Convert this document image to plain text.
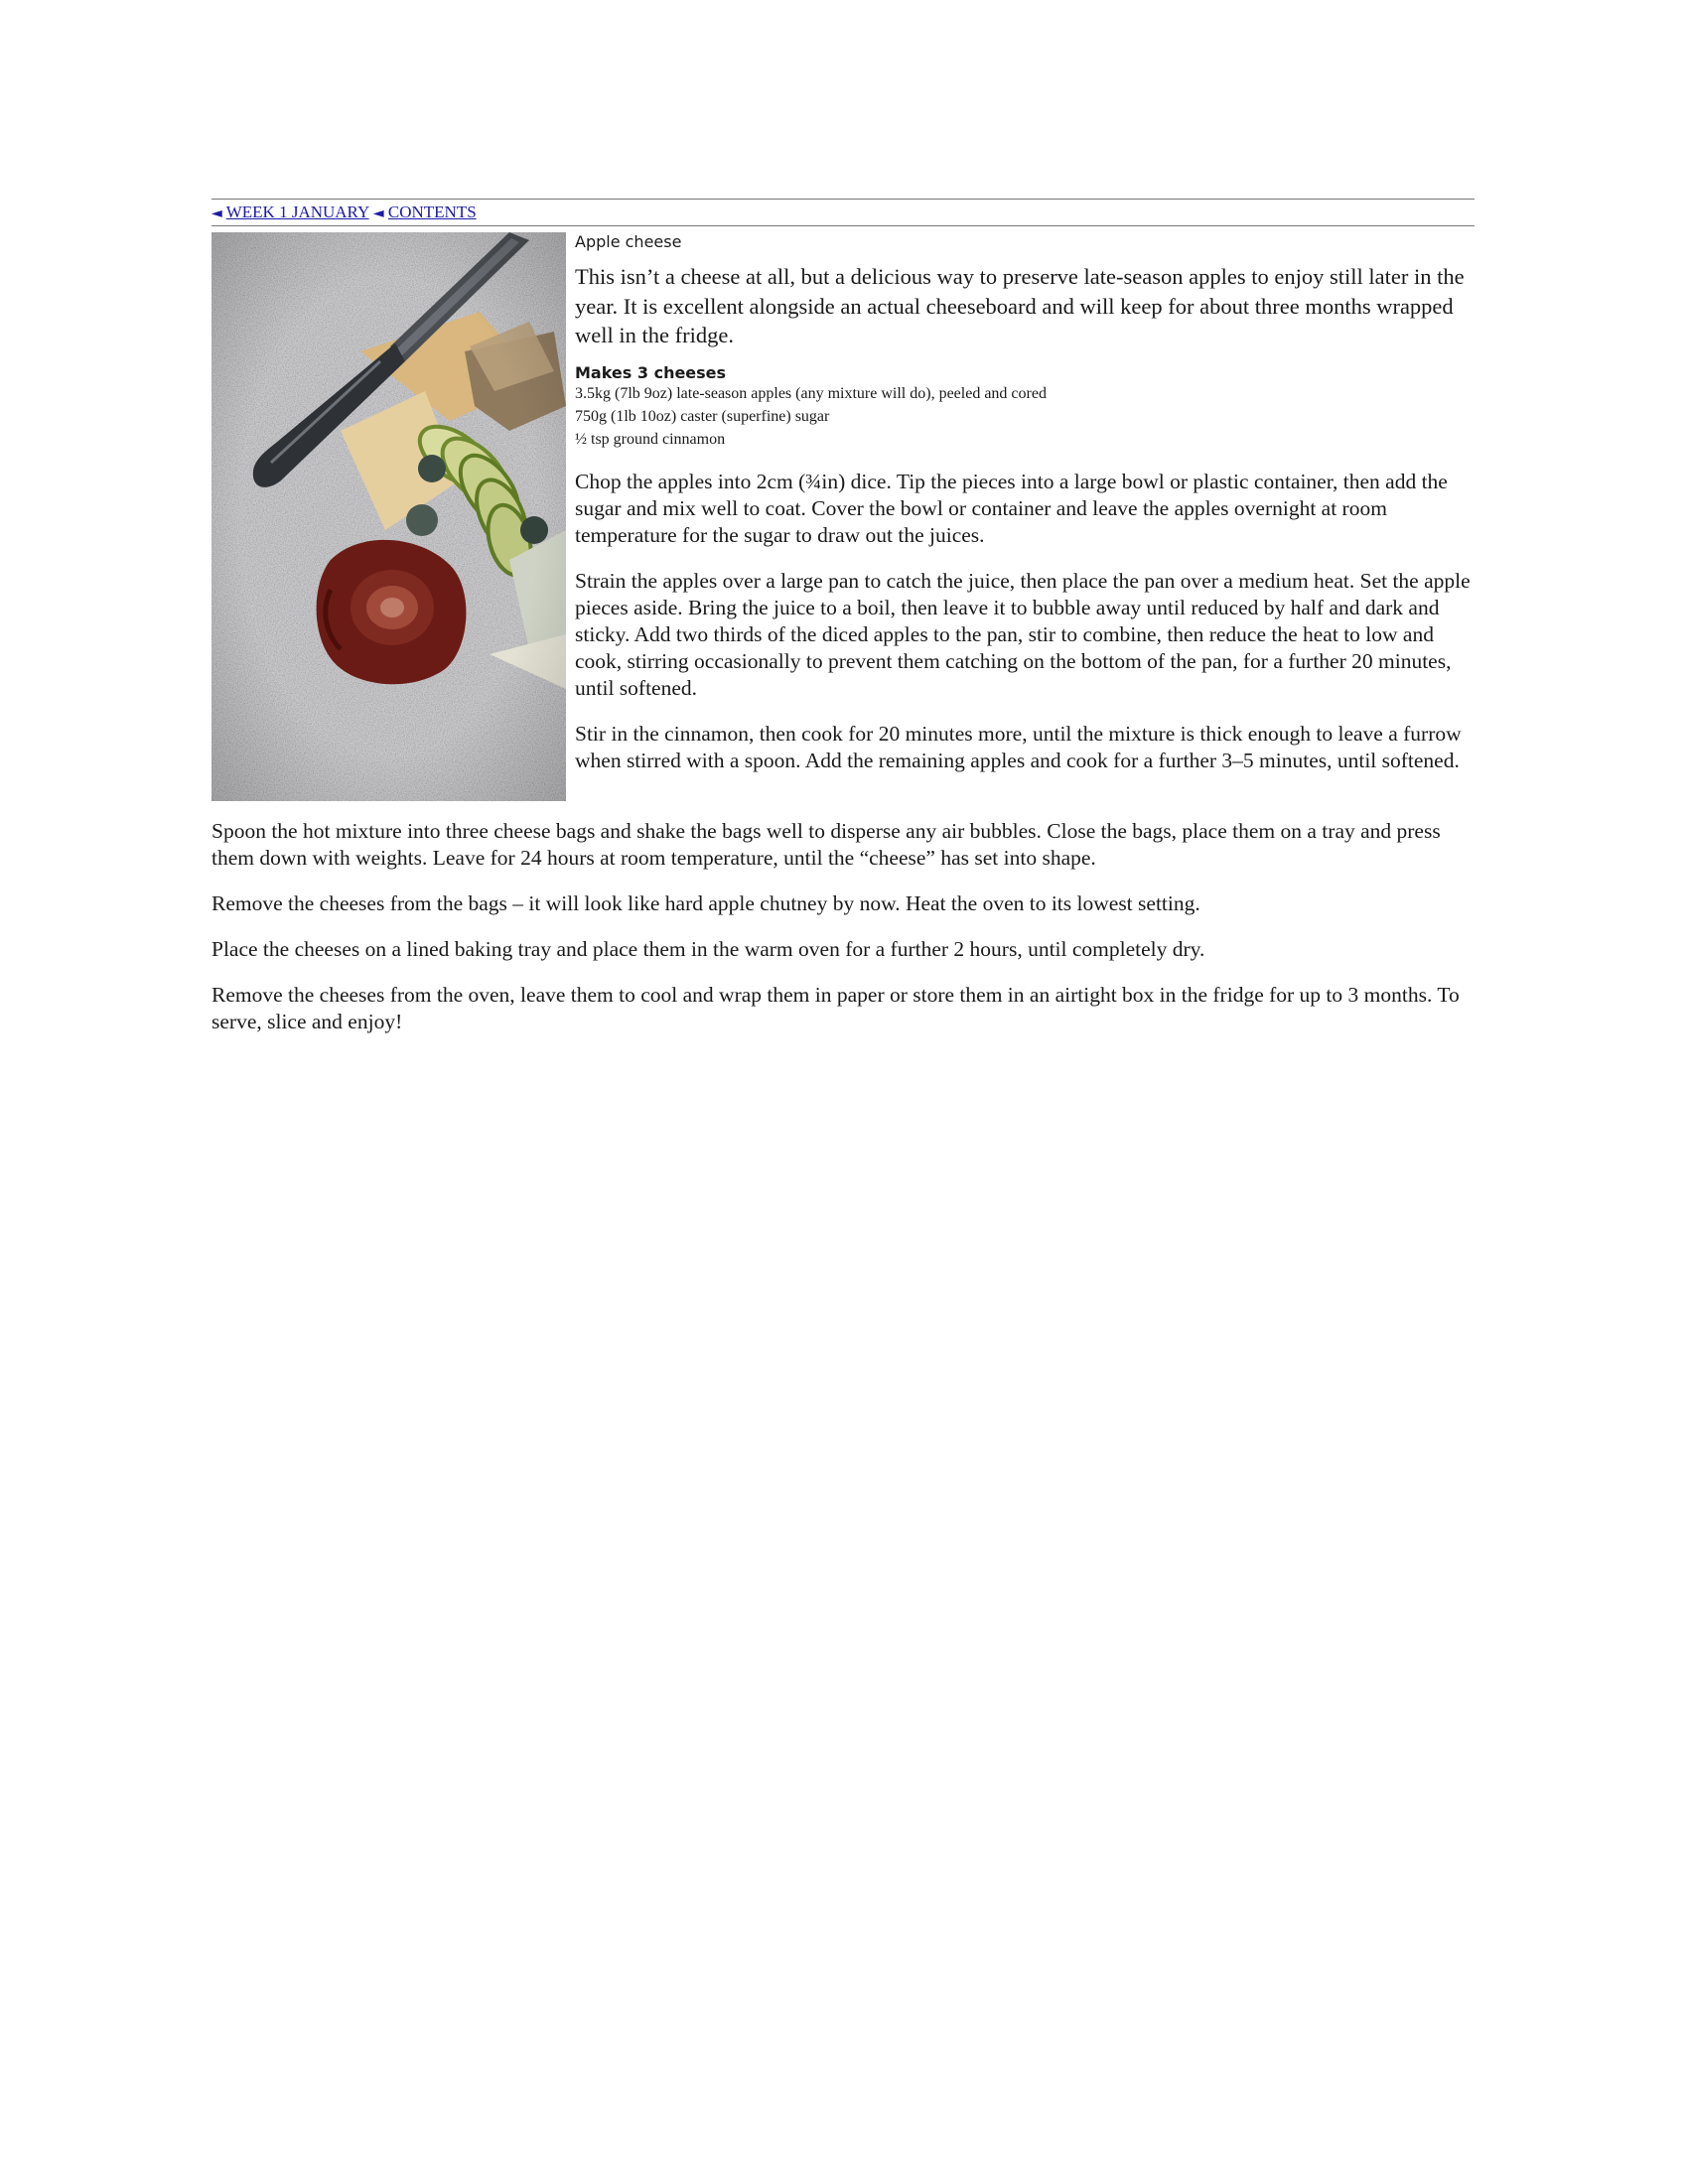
◄ WEEK 1 JANUARY ◄ CONTENTS
Apple cheese

This isn’t a cheese at all, but a delicious way to preserve late-season apples to enjoy still later in the year. It is excellent alongside an actual cheeseboard and will keep for about three months wrapped well in the fridge.

Makes 3 cheeses

3.5kg (7lb 9oz) late-season apples (any mixture will do), peeled and cored
750g (1lb 10oz) caster (superfine) sugar
½ tsp ground cinnamon

Chop the apples into 2cm (¾in) dice. Tip the pieces into a large bowl or plastic container, then add the sugar and mix well to coat. Cover the bowl or container and leave the apples overnight at room temperature for the sugar to draw out the juices.

Strain the apples over a large pan to catch the juice, then place the pan over a medium heat. Set the apple pieces aside. Bring the juice to a boil, then leave it to bubble away until reduced by half and dark and sticky. Add two thirds of the diced apples to the pan, stir to combine, then reduce the heat to low and cook, stirring occasionally to prevent them catching on the bottom of the pan, for a further 20 minutes, until softened.

Stir in the cinnamon, then cook for 20 minutes more, until the mixture is thick enough to leave a furrow when stirred with a spoon. Add the remaining apples and cook for a further 3–5 minutes, until softened.

Spoon the hot mixture into three cheese bags and shake the bags well to disperse any air bubbles. Close the bags, place them on a tray and press them down with weights. Leave for 24 hours at room temperature, until the “cheese” has set into shape.

Remove the cheeses from the bags – it will look like hard apple chutney by now. Heat the oven to its lowest setting.

Place the cheeses on a lined baking tray and place them in the warm oven for a further 2 hours, until completely dry.

Remove the cheeses from the oven, leave them to cool and wrap them in paper or store them in an airtight box in the fridge for up to 3 months. To serve, slice and enjoy!
